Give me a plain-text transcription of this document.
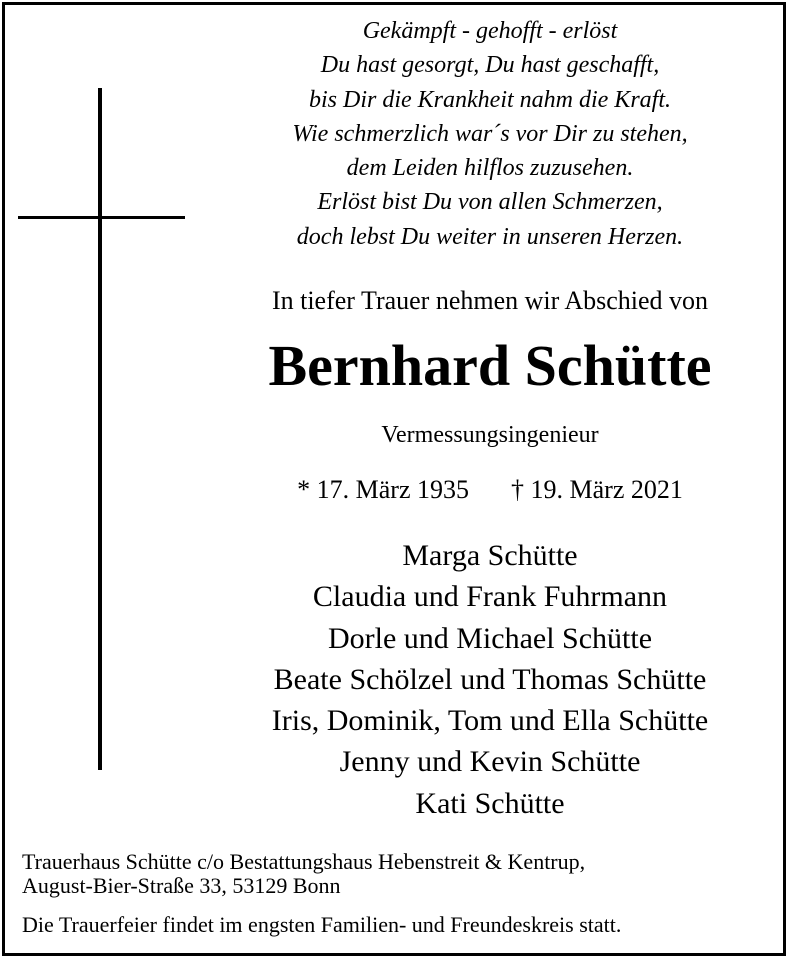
Gekämpft - gehofft - erlöst
Du hast gesorgt, Du hast geschafft,
bis Dir die Krankheit nahm die Kraft.
Wie schmerzlich war´s vor Dir zu stehen,
dem Leiden hilflos zuzusehen.
Erlöst bist Du von allen Schmerzen,
doch lebst Du weiter in unseren Herzen.
In tiefer Trauer nehmen wir Abschied von
Bernhard Schütte
Vermessungsingenieur
* 17. März 1935 † 19. März 2021
Marga Schütte
Claudia und Frank Fuhrmann
Dorle und Michael Schütte
Beate Schölzel und Thomas Schütte
Iris, Dominik, Tom und Ella Schütte
Jenny und Kevin Schütte
Kati Schütte
Trauerhaus Schütte c/o Bestattungshaus Hebenstreit & Kentrup,
August-Bier-Straße 33, 53129 Bonn
Die Trauerfeier findet im engsten Familien- und Freundeskreis statt.
